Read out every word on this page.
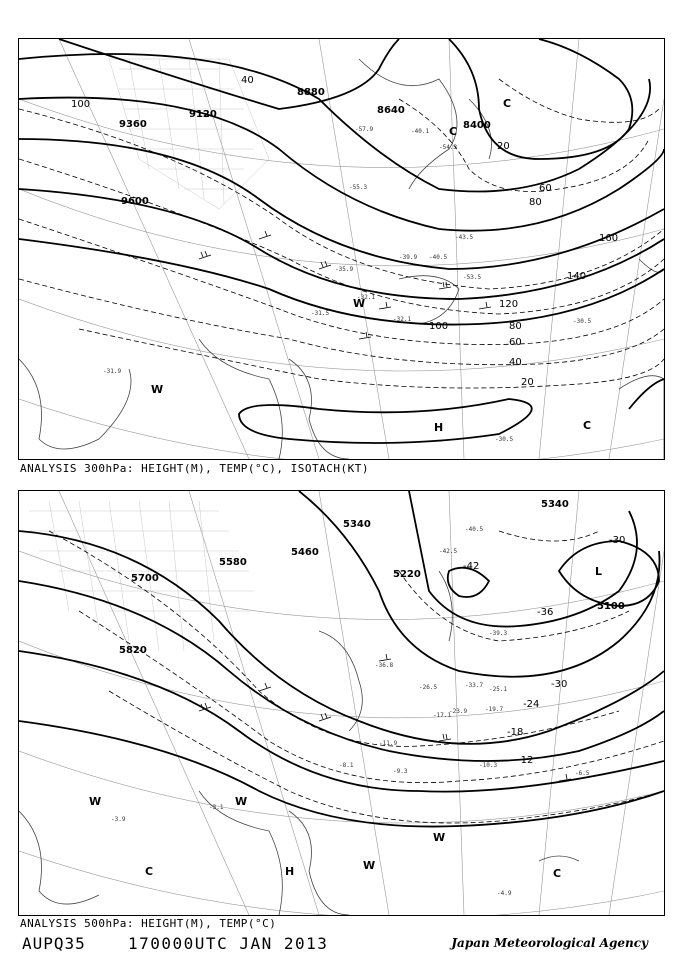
9360
9120
8880
8640
8400
9600
100
40
20
60
80
160
140
120
100	80
60
40
20
H
C
W
W
C
C
-54.3
-55.3
-57.9
-53.5
-40.1
-39.9
-35.9
-32.1
-31.5
-30.5
-31.9
-30.5
-32.1
-40.5
-43.5
ANALYSIS 300hPa: HEIGHT(M), TEMP(°C), ISOTACH(KT)
5700
5820
5580
5460
5340
5220
5340
5100
-42
-36
-30
-30
-24
-18
-12
L
W	W
W
W
C	C
H
-39.3
-42.5
-40.5
-36.8
-33.7
-26.5	-25.1
-23.9	-19.7
-17.1
-11.9
-10.3
-9.3
-8.1
-6.5
-4.9
-3.1
-3.9
ANALYSIS 500hPa: HEIGHT(M), TEMP(°C)
AUPQ35	170000UTC JAN 2013	Japan Meteorological Agency
